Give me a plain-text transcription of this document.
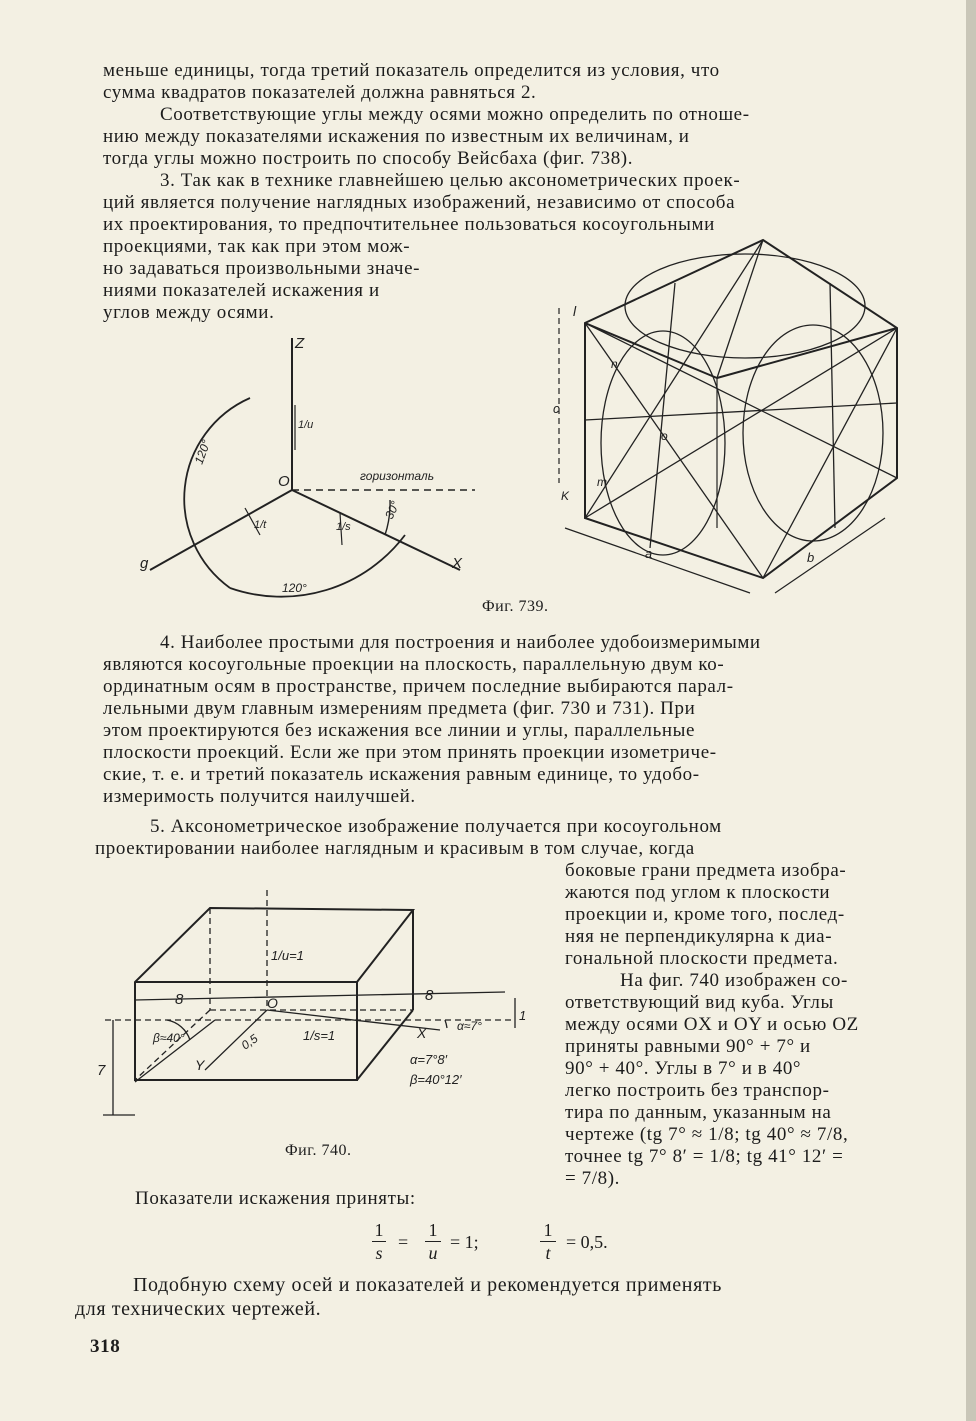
меньше единицы, тогда третий показатель определится из условия, что
сумма квадратов показателей должна равняться 2.
Соответствующие углы между осями можно определить по отноше-
нию между показателями искажения по известным их величинам, и
тогда углы можно построить по способу Вейсбаха (фиг. 738).
3. Так как в технике главнейшею целью аксонометрических проек-
ций является получение наглядных изображений, независимо от способа
их проектирования, то предпочтительнее пользоваться косоугольными
проекциями, так как при этом мож-
но задаваться произвольными значе-
ниями показателей искажения и
углов между осями.
Z
O
X
g
горизонталь
120°
120°
30°
1/t	1/s
1/u
l
n
o
m
K
c
a	b
Фиг. 739.
4. Наиболее простыми для построения и наиболее удобоизмеримыми
являются косоугольные проекции на плоскость, параллельную двум ко-
ординатным осям в пространстве, причем последние выбираются парал-
лельными двум главным измерениям предмета (фиг. 730 и 731). При
этом проектируются без искажения все линии и углы, параллельные
плоскости проекций. Если же при этом принять проекции изометриче-
ские, т. е. и третий показатель искажения равным единице, то удобо-
измеримость получится наилучшей.
5. Аксонометрическое изображение получается при косоугольном
проектировании наиболее наглядным и красивым в том случае, когда
боковые грани предмета изобра-
жаются под углом к плоскости
проекции и, кроме того, послед-
няя не перпендикулярна к диа-
гональной плоскости предмета.
На фиг. 740 изображен со-
ответствующий вид куба. Углы
между осями OX и OY и осью OZ
приняты равными 90° + 7° и
90° + 40°. Углы в 7° и в 40°
легко построить без транспор-
тира по данным, указанным на
чертеже (tg 7° ≈ 1/8; tg 40° ≈ 7/8,
точнее tg 7° 8′ = 1/8; tg 41° 12′ =
= 7/8).
1/u=1
O
1/s=1
0,5
Y
X
8	8
7
1
β≈40°
α≈7°
α=7°8′
β=40°12′
Фиг. 740.
Показатели искажения приняты:
1
s
=
1
u
= 1;
1
t
= 0,5.
Подобную схему осей и показателей и рекомендуется применять
для технических чертежей.
318
